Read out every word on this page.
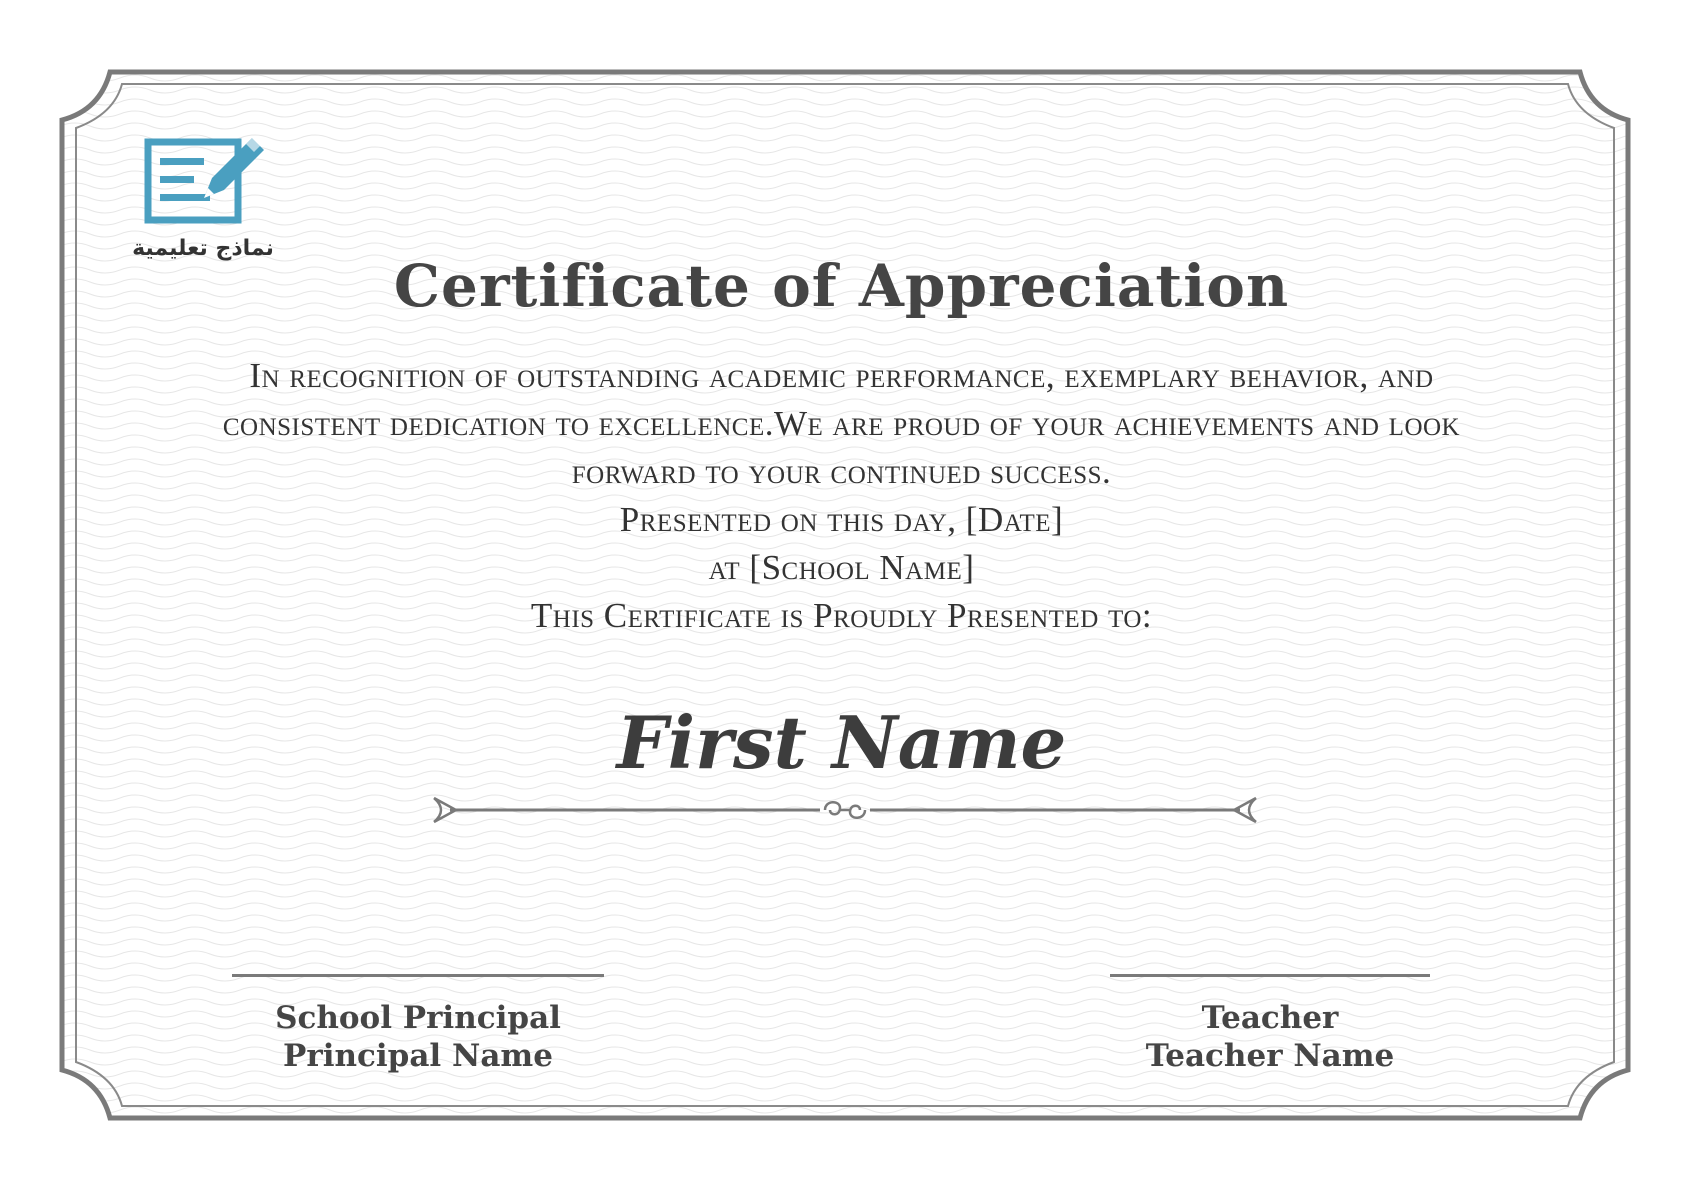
نماذج تعليمية
Certificate of Appreciation
In recognition of outstanding academic performance, exemplary behavior, and
consistent dedication to excellence.We are proud of your achievements and look
forward to your continued success.
Presented on this day, [Date]
at [School Name]
This Certificate is Proudly Presented to:
First Name
School Principal
Principal Name
Teacher
Teacher Name
